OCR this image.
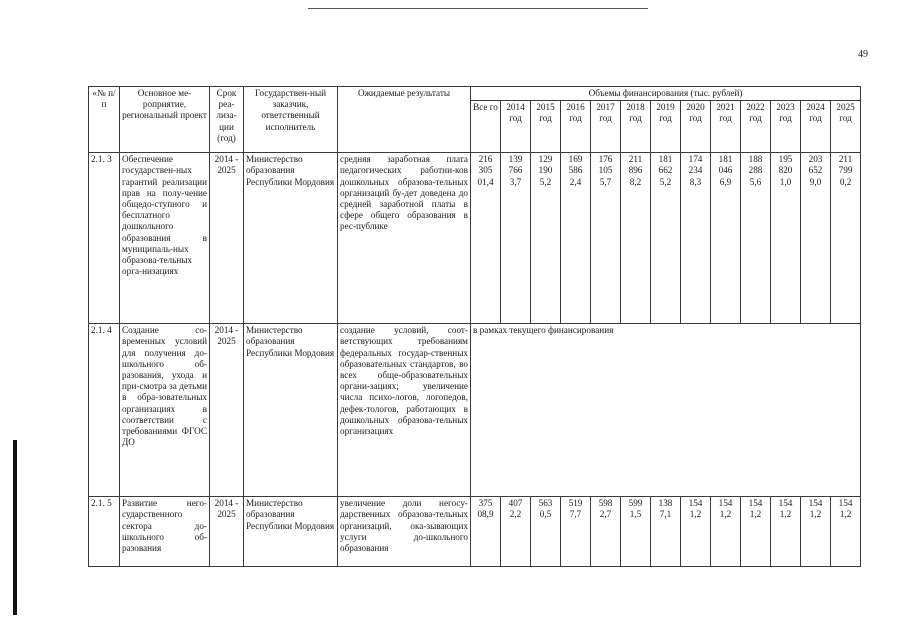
49
«№ п/п	Основное ме-роприятие, региональный проект	Срок реа-лиза-ции (год)	Государствен-ный заказчик, ответственный исполнитель	Ожидаемые результаты	Объемы финансирования (тыс. рублей)												
					Все го	2014 год	2015 год	2016 год	2017 год	2018 год	2019 год	2020 год	2021 год	2022 год	2023 год	2024 год	2025 год
2.1. 3	Обеспечение государствен-ных гарантий реализации прав на полу-чение общедо-ступного и бесплатного дошкольного образования в муниципаль-ных образова-тельных орга-низациях	2014 - 2025	Министерство образования Республики Мордовия	средняя заработная плата педагогических работни-ков дошкольных образова-тельных организаций бу-дет доведена до средней заработной платы в сфере общего образования в рес-публике	216 305 01,4	139 766 3,7	129 190 5,2	169 586 2,4	176 105 5,7	211 896 8,2	181 662 5,2	174 234 8,3	181 046 6,9	188 288 5,6	195 820 1,0	203 652 9,0	211 799 0,2
2.1. 4	Создание со-временных условий для получения до-школьного об-разования, ухода и при-смотра за детьми в обра-зовательных организациях в соответствии с требованиями ФГОС ДО	2014 - 2025	Министерство образования Республики Мордовия	создание условий, соот-ветствующих требованиям федеральных государ-ственных образовательных стандартов, во всех обще-образовательных органи-зациях; увеличение числа психо-логов, логопедов, дефек-тологов, работающих в дошкольных образова-тельных организациях	в рамках текущего финансирования												
2.1. 5	Развитие него-сударственного сектора до-школьного об-разования	2014 - 2025	Министерство образования Республики Мордовия	увеличение доли негосу-дарственных образова-тельных организаций, ока-зывающих услуги до-школьного образования	375 08,9	407 2,2	563 0,5	519 7,7	598 2,7	599 1,5	138 7,1	154 1,2	154 1,2	154 1,2	154 1,2	154 1,2	154 1,2
